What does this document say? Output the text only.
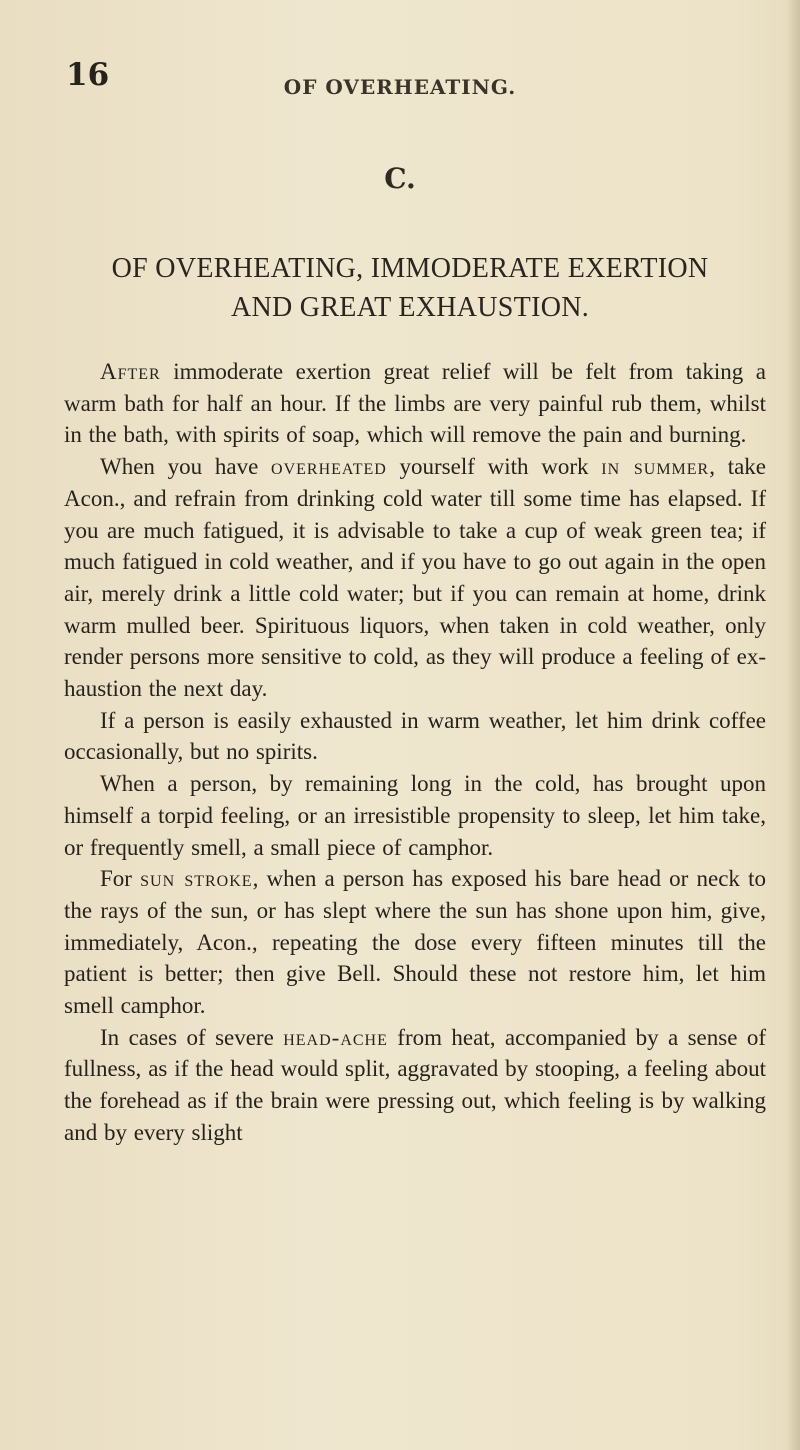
16	OF OVERHEATING.
C.
OF OVERHEATING, IMMODERATE EXERTION
AND GREAT EXHAUSTION.

After immoderate exertion great relief will be felt from taking a warm bath for half an hour. If the limbs are very painful rub them, whilst in the bath, with spirits of soap, which will remove the pain and burning.

When you have overheated yourself with work in summer, take Acon., and refrain from drinking cold water till some time has elapsed. If you are much fatigued, it is advisable to take a cup of weak green tea; if much fatigued in cold weather, and if you have to go out again in the open air, merely drink a little cold water; but if you can remain at home, drink warm mulled beer. Spirituous liquors, when taken in cold weather, only render persons more sensitive to cold, as they will produce a feeling of exhaustion the next day.

If a person is easily exhausted in warm weather, let him drink coffee occasionally, but no spirits.

When a person, by remaining long in the cold, has brought upon himself a torpid feeling, or an irresistible propensity to sleep, let him take, or frequently smell, a small piece of camphor.

For sun stroke, when a person has exposed his bare head or neck to the rays of the sun, or has slept where the sun has shone upon him, give, immediately, Acon., repeating the dose every fifteen minutes till the patient is better; then give Bell. Should these not restore him, let him smell camphor.

In cases of severe head-ache from heat, accompanied by a sense of fullness, as if the head would split, aggravated by stooping, a feeling about the forehead as if the brain were pressing out, which feeling is by walking and by every slight
